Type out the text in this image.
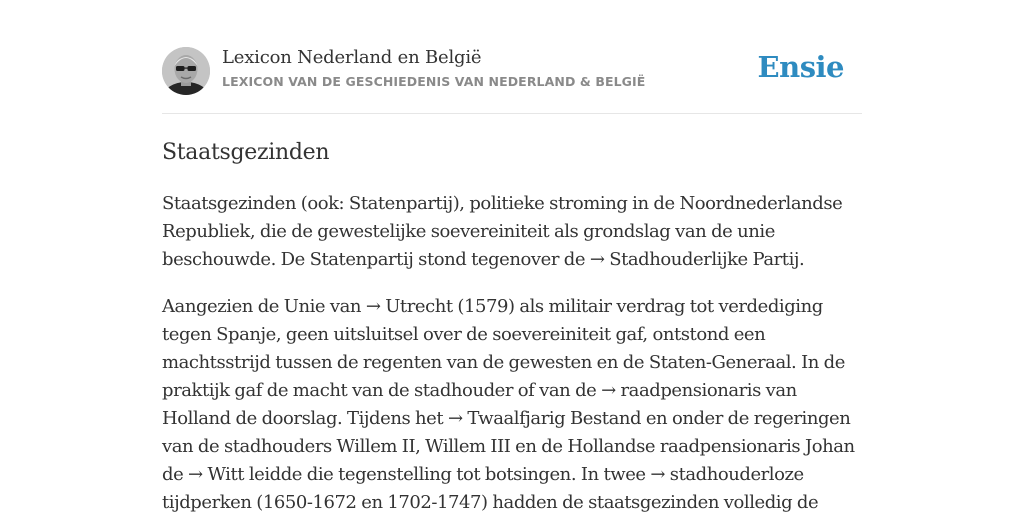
Lexicon Nederland en België
LEXICON VAN DE GESCHIEDENIS VAN NEDERLAND & BELGIË	Ensie
Staatsgezinden

Staatsgezinden (ook: Statenpartij), politieke stroming in de Noordnederlandse Republiek, die de gewestelijke soevereiniteit als grondslag van de unie beschouwde. De Statenpartij stond tegenover de → Stadhouderlijke Partij.

Aangezien de Unie van → Utrecht (1579) als militair verdrag tot verdediging tegen Spanje, geen uitsluitsel over de soevereiniteit gaf, ontstond een machtsstrijd tussen de regenten van de gewesten en de Staten-Generaal. In de praktijk gaf de macht van de stadhouder of van de → raadpensionaris van Holland de doorslag. Tijdens het → Twaalfjarig Bestand en onder de regeringen van de stadhouders Willem II, Willem III en de Hollandse raadpensionaris Johan de → Witt leidde die tegenstelling tot botsingen. In twee → stadhouderloze tijdperken (1650-1672 en 1702-1747) hadden de staatsgezinden volledig de
